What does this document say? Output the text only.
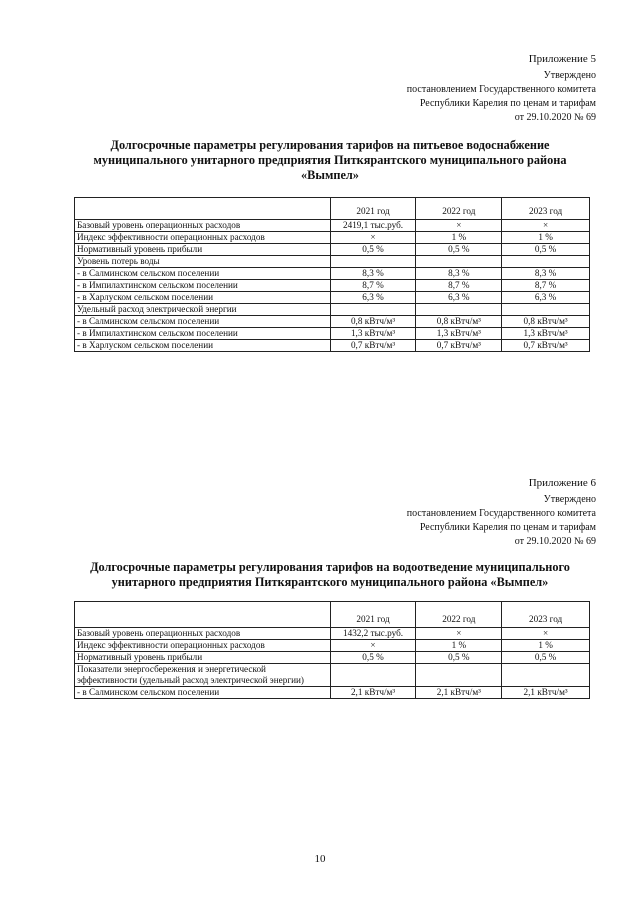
Приложение 5
Утверждено
постановлением Государственного комитета
Республики Карелия по ценам и тарифам
от 29.10.2020 № 69
Долгосрочные параметры регулирования тарифов на питьевое водоснабжение муниципального унитарного предприятия Питкярантского муниципального района «Вымпел»
	2021 год	2022 год	2023 год
Базовый уровень операционных расходов	2419,1 тыс.руб.	×	×
Индекс эффективности операционных расходов	×	1 %	1 %
Нормативный уровень прибыли	0,5 %	0,5 %	0,5 %
Уровень потерь воды			
- в Салминском сельском поселении	8,3 %	8,3 %	8,3 %
- в Импилахтинском сельском поселении	8,7 %	8,7 %	8,7 %
- в Харлуском сельском поселении	6,3 %	6,3 %	6,3 %
Удельный расход электрической энергии			
- в Салминском сельском поселении	0,8 кВтч/м³	0,8 кВтч/м³	0,8 кВтч/м³
- в Импилахтинском сельском поселении	1,3 кВтч/м³	1,3 кВтч/м³	1,3 кВтч/м³
- в Харлуском сельском поселении	0,7 кВтч/м³	0,7 кВтч/м³	0,7 кВтч/м³
Приложение 6
Утверждено
постановлением Государственного комитета
Республики Карелия по ценам и тарифам
от 29.10.2020 № 69
Долгосрочные параметры регулирования тарифов на водоотведение муниципального унитарного предприятия Питкярантского муниципального района «Вымпел»
	2021 год	2022 год	2023 год
Базовый уровень операционных расходов	1432,2 тыс.руб.	×	×
Индекс эффективности операционных расходов	×	1 %	1 %
Нормативный уровень прибыли	0,5 %	0,5 %	0,5 %
Показатели энергосбережения и энергетической эффективности (удельный расход электрической энергии)			
- в Салминском сельском поселении	2,1 кВтч/м³	2,1 кВтч/м³	2,1 кВтч/м³
10
